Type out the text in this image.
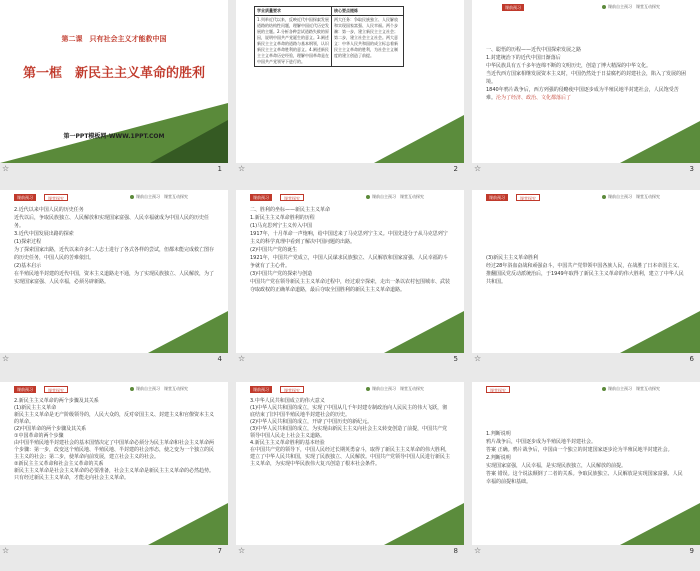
第二课　只有社会主义才能救中国
第一框　新民主主义革命的胜利
第一PPT模板网-WWW.1PPT.COM
☆	1
学业质量要求	核心要点提炼
1.列举近代以来，反映近代中国探索发展道路的结构性问题，理解中国近代历史发展的主题。2.分析各种尝试道路失败的原因，说明中国共产党诞生的意义。3.阐述新民主主义革命的道路与基本纲领，认识新民主主义革命胜利的意义。4.阐述新民主主义革命历史经验，理解中国革命是在中国共产党领导下进行的。	两大任务：争取民族独立、人民解放和实现国家富强、人民幸福。两个步骤：第一步，建立新民主主义社会；第二步，建立社会主义社会。两大意义：中华人民共和国的成立标志着新民主主义革命的胜利，为社会主义制度的建立创造了前提。
☆	2
课前预习	课前自主预习　 课堂互动探究

一、聪悟的历程——近代中国探索发展之路

1.封建统治下的近代中国日渐落后

中华民族具有五千多年连绵不断的文明历史，创造了博大精深的中华文化。

当近代西方国家相继发展资本主义时，中国仍然处于日益腐朽的封建社会，陷入了发展的困境。

1840年鸦片战争后，西方列强的侵略使中国逐步成为半殖民地半封建社会，人民饱受苦难。沦为了经济、政治、文化都落后了

☆	3
课前预习	课堂探究	课前自主预习　 课堂互动探究

2.近代以来中国人民的历史任务

近代以后，争取民族独立、人民解放和实现国家富强、人民幸福就成为中国人民的历史任务。

3.近代中国发展出路的探索

(1)探索过程

为了探索国家出路，近代以来许多仁人志士进行了各式各样的尝试，但都未能完成救亡图存的历史任务，中国人民的苦难依旧。

(2)基本启示

在半殖民地半封建的近代中国，资本主义道路走不通，为了实现民族独立、人民解放，为了实现国家富强、人民幸福，必须另辟新路。

☆	4
课前预习	课堂探究	课前自主预习　 课堂互动探究

二、胜利的坐标——新民主主义革命

1.新民主主义革命胜利的历程

(1)马克思列宁主义传入中国

1917年，十月革命一声炮响，给中国送来了马克思列宁主义。中国先进分子从马克思列宁主义的科学真理中看到了解决中国问题的出路。

(2)中国共产党的诞生

1921年，中国共产党成立，中国人民谋求民族独立、人民解放和国家富强、人民幸福的斗争就有了主心骨。

(3)中国共产党的探索与创造

中国共产党在领导新民主主义革命过程中，经过艰辛探索，走出一条以农村包围城市、武装夺取政权的正确革命道路，最后夺取全国胜利的新民主主义革命道路。

☆	5
课前预习	课堂探究	课前自主预习　 课堂互动探究

(3)新民主主义革命胜利

经过28年浴血奋战和顽强奋斗，中国共产党带领中国各族人民，在战胜了日本帝国主义、推翻国民党反动派统治后，于1949年取得了新民主主义革命的伟大胜利，建立了中华人民共和国。

☆	6
课前预习	课堂探究	课前自主预习　 课堂互动探究

2.新民主主义革命的两个步骤及其关系

(1)新民主主义革命

新民主主义革命是无产阶级领导的，人民大众的，反对帝国主义、封建主义和官僚资本主义的革命。

(2)中国革命的两个步骤及其关系

①中国革命的两个步骤

由中国半殖民地半封建社会的基本国情决定了中国革命必须分为民主革命和社会主义革命两个步骤：第一步，改变这个殖民地、半殖民地、半封建的社会形态，使之变为一个独立的民主主义的社会；第二步，使革命向前发展，建立社会主义的社会。

②新民主主义革命和社会主义革命的关系

新民主主义革命是社会主义革命的必要准备，社会主义革命是新民主主义革命的必然趋势。只有经过新民主主义革命，才能走向社会主义革命。

☆	7
课前预习	课堂探究	课前自主预习　 课堂互动探究

3.中华人民共和国成立的伟大意义

(1)中华人民共和国的成立，实现了中国从几千年封建专制政治向人民民主的伟大飞跃，彻底结束了旧中国半殖民地半封建社会的历史。

(2)中华人民共和国的成立，开辟了中国历史的新纪元。

(3)中华人民共和国的成立，为实现由新民主主义向社会主义转变创造了前提，中国共产党领导中国人民走上社会主义道路。

4.新民主主义革命胜利的基本经验

在中国共产党的领导下，中国人民经过长期英勇奋斗，取得了新民主主义革命的伟大胜利，建立了中华人民共和国，实现了民族独立、人民解放。中国共产党领导中国人民进行新民主主义革命，为实现中华民族伟大复兴创造了根本社会条件。

☆	8
课堂探究	课前自主预习　 课堂互动探究

1.判断说明

鸦片战争后，中国逐步成为半殖民地半封建社会。

答案 正确。鸦片战争后，中国由一个独立的封建国家逐步沦为半殖民地半封建社会。

2.判断说明

实现国家富强，人民幸福，是实现民族独立，人民解放的前提。

答案 错误。这个说法颠倒了二者的关系。争取民族独立、人民解放是实现国家富强、人民幸福的前提和基础。

☆	9
